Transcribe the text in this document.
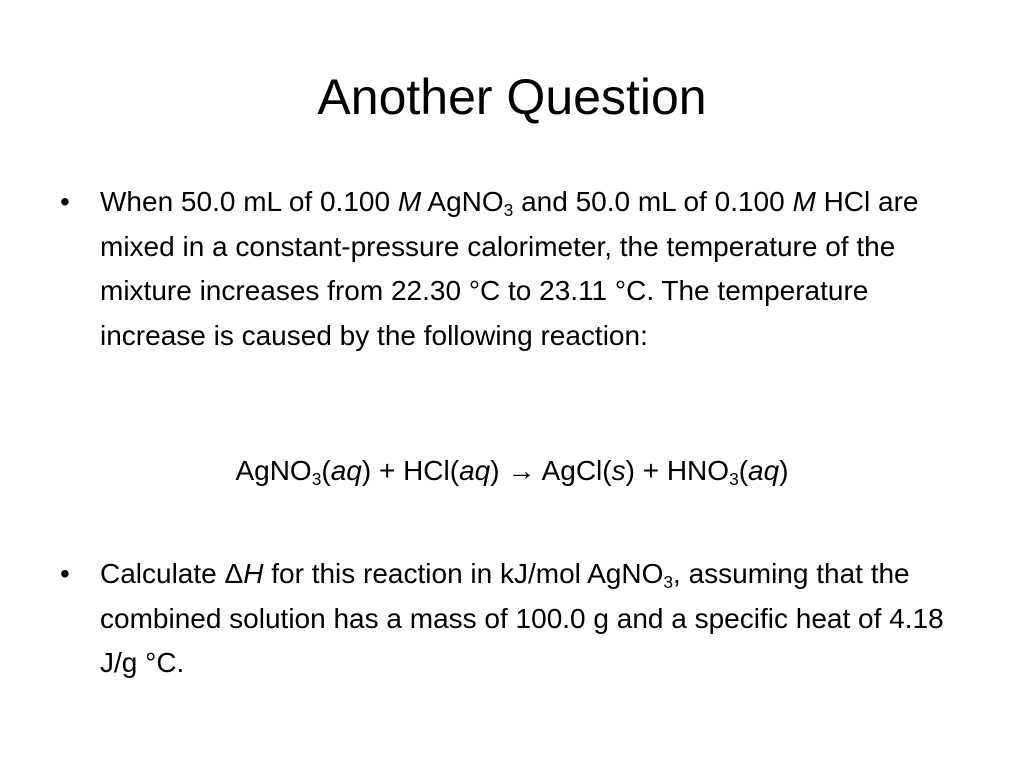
Another Question
•	When 50.0 mL of 0.100 M AgNO$_3$ and 50.0 mL of 0.100 M HCl are mixed in a constant-pressure calorimeter, the temperature of the mixture increases from 22.30 °C to 23.11 °C. The temperature increase is caused by the following reaction:
AgNO$_3$(aq) + HCl(aq) → AgCl(s) + $HNO_3(aq)$
•	Calculate ΔH for this reaction in kJ/mol AgNO$_3$, assuming that the combined solution has a mass of 100.0 g and a specific heat of 4.18 J/g °C.
